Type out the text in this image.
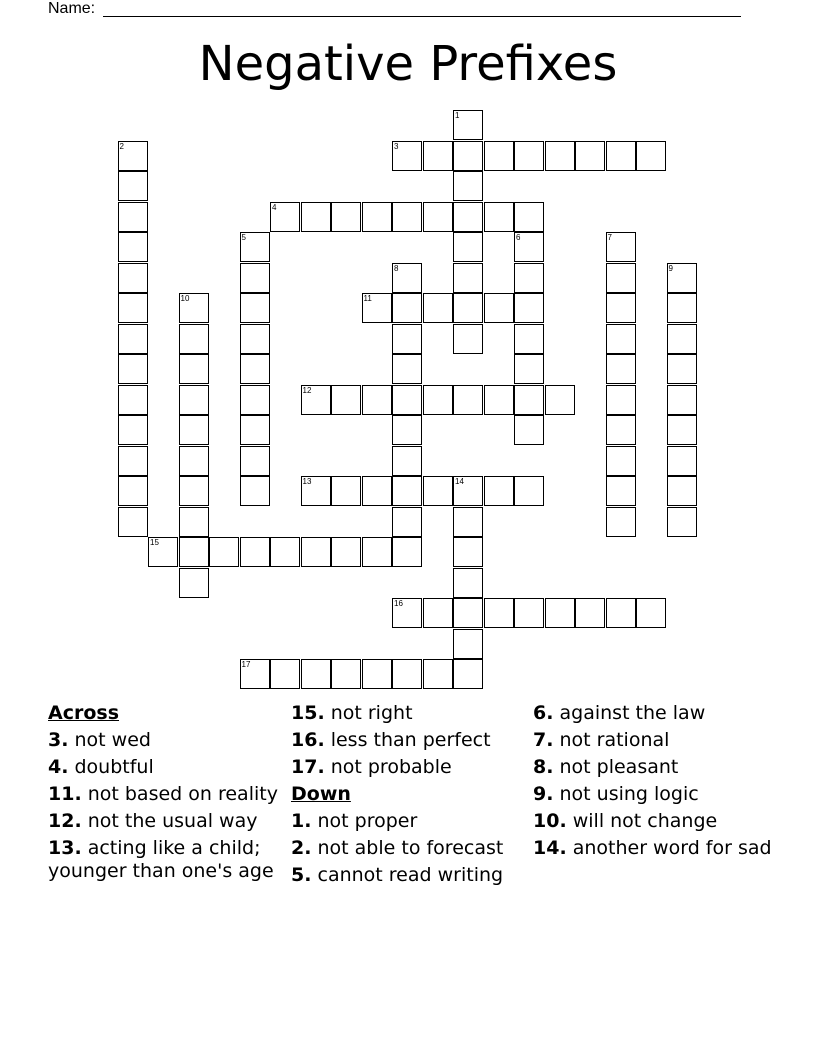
Name:
Negative Prefixes
3
4
11
12
13	14
15
16
17
1
2
5	6	7
8	9
10
Across
3. not wed
4. doubtful
11. not based on reality
12. not the usual way
13. acting like a child; younger than one's age
15. not right
16. less than perfect
17. not probable
Down
1. not proper
2. not able to forecast
5. cannot read writing
6. against the law
7. not rational
8. not pleasant
9. not using logic
10. will not change
14. another word for sad
